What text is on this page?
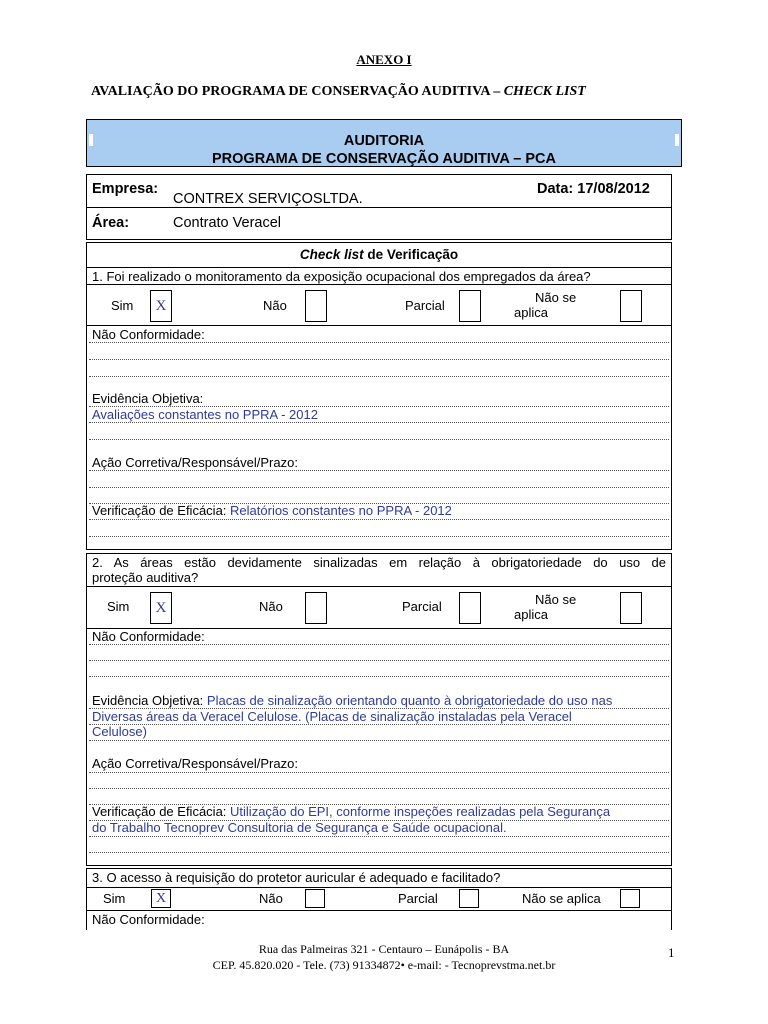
ANEXO I
AVALIAÇÃO DO PROGRAMA DE CONSERVAÇÃO AUDITIVA – CHECK LIST
AUDITORIA
PROGRAMA DE CONSERVAÇÃO AUDITIVA – PCA
Empresa:
CONTREX SERVIÇOSLTDA.
Data: 17/08/2012
Área:	Contrato Veracel
Check list de Verificação
1. Foi realizado o monitoramento da exposição ocupacional dos empregados da área?
Sim	X	Não	Parcial
Não se
aplica
Não Conformidade:
Evidência Objetiva:
Avaliações constantes no PPRA - 2012
Ação Corretiva/Responsável/Prazo:
Verificação de Eficácia: Relatórios constantes no PPRA - 2012
2. As áreas estão devidamente sinalizadas em relação à obrigatoriedade do uso de
proteção auditiva?
Sim	X	Não	Parcial	Não se
aplica
Não Conformidade:
Evidência Objetiva: Placas de sinalização orientando quanto à obrigatoriedade do uso nas
Diversas áreas da Veracel Celulose. (Placas de sinalização instaladas pela Veracel
Celulose)
Ação Corretiva/Responsável/Prazo:
Verificação de Eficácia: Utilização do EPI, conforme inspeções realizadas pela Segurança
do Trabalho Tecnoprev Consultoria de Segurança e Saúde ocupacional.
3. O acesso à requisição do protetor auricular é adequado e facilitado?
Sim	X	Não	Parcial	Não se aplica
Não Conformidade:
Rua das Palmeiras 321 - Centauro – Eunápolis - BA
CEP. 45.820.020 - Tele. (73) 91334872• e-mail: - Tecnoprevstma.net.br
1
